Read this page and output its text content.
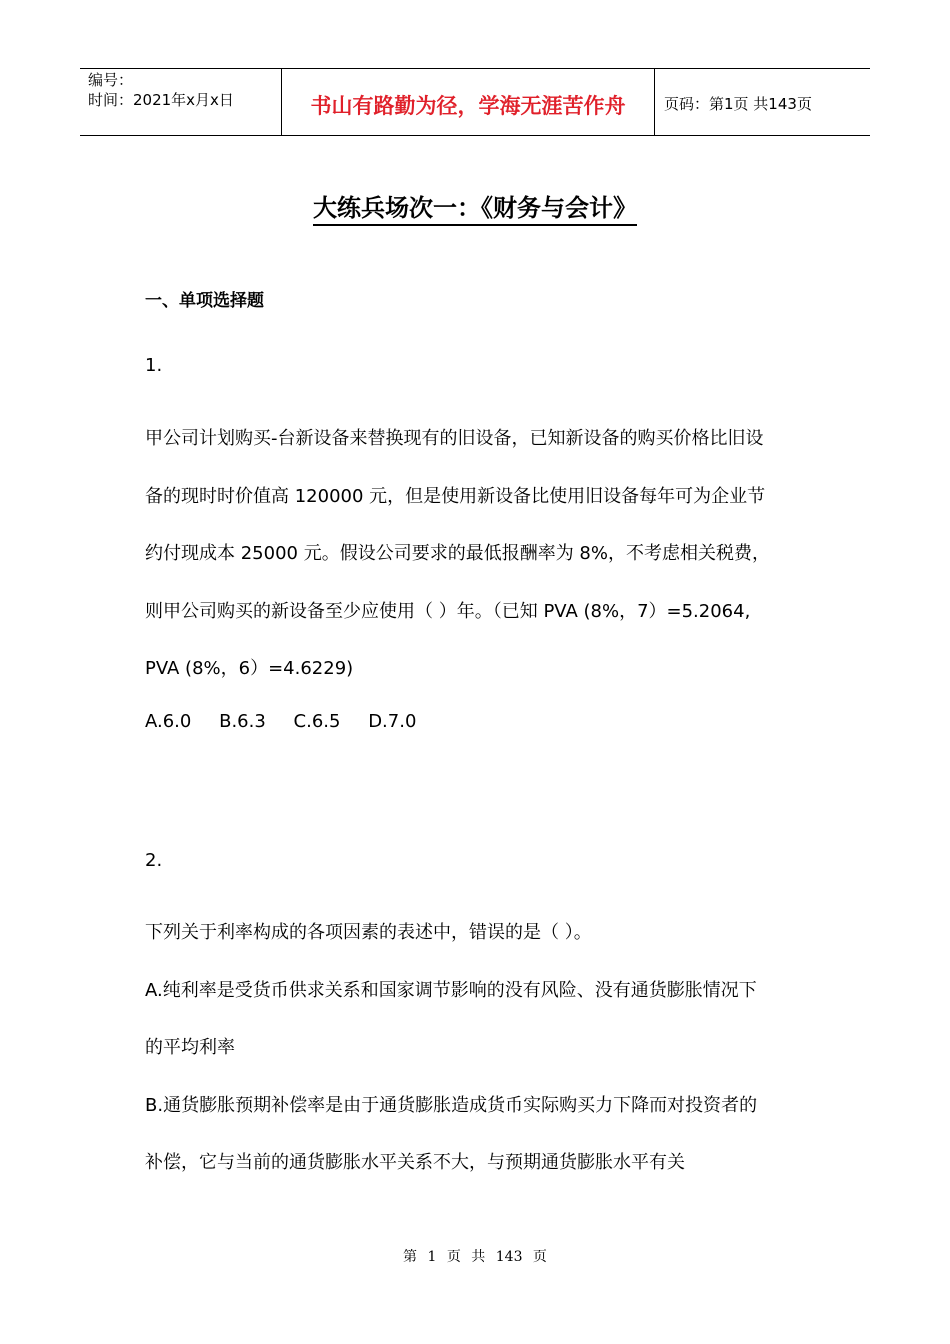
编号：
时间：2021年x月x日	书山有路勤为径，学海无涯苦作舟	页码：第1页 共143页
大练兵场次一：《财务与会计》
一、单项选择题
1.
甲公司计划购买-台新设备来替换现有的旧设备，已知新设备的购买价格比旧设
备的现时时价值高 120000 元，但是使用新设备比使用旧设备每年可为企业节
约付现成本 25000 元。假设公司要求的最低报酬率为 8%，不考虑相关税费，
则甲公司购买的新设备至少应使用（ ）年。（已知 PVA (8%，7）=5.2064,
PVA (8%，6）=4.6229)
A.6.0 B.6.3 C.6.5 D.7.0
2.
下列关于利率构成的各项因素的表述中，错误的是（ ）。
A.纯利率是受货币供求关系和国家调节影响的没有风险、没有通货膨胀情况下
的平均利率
B.通货膨胀预期补偿率是由于通货膨胀造成货币实际购买力下降而对投资者的
补偿，它与当前的通货膨胀水平关系不大，与预期通货膨胀水平有关
第 1 页 共 143 页
